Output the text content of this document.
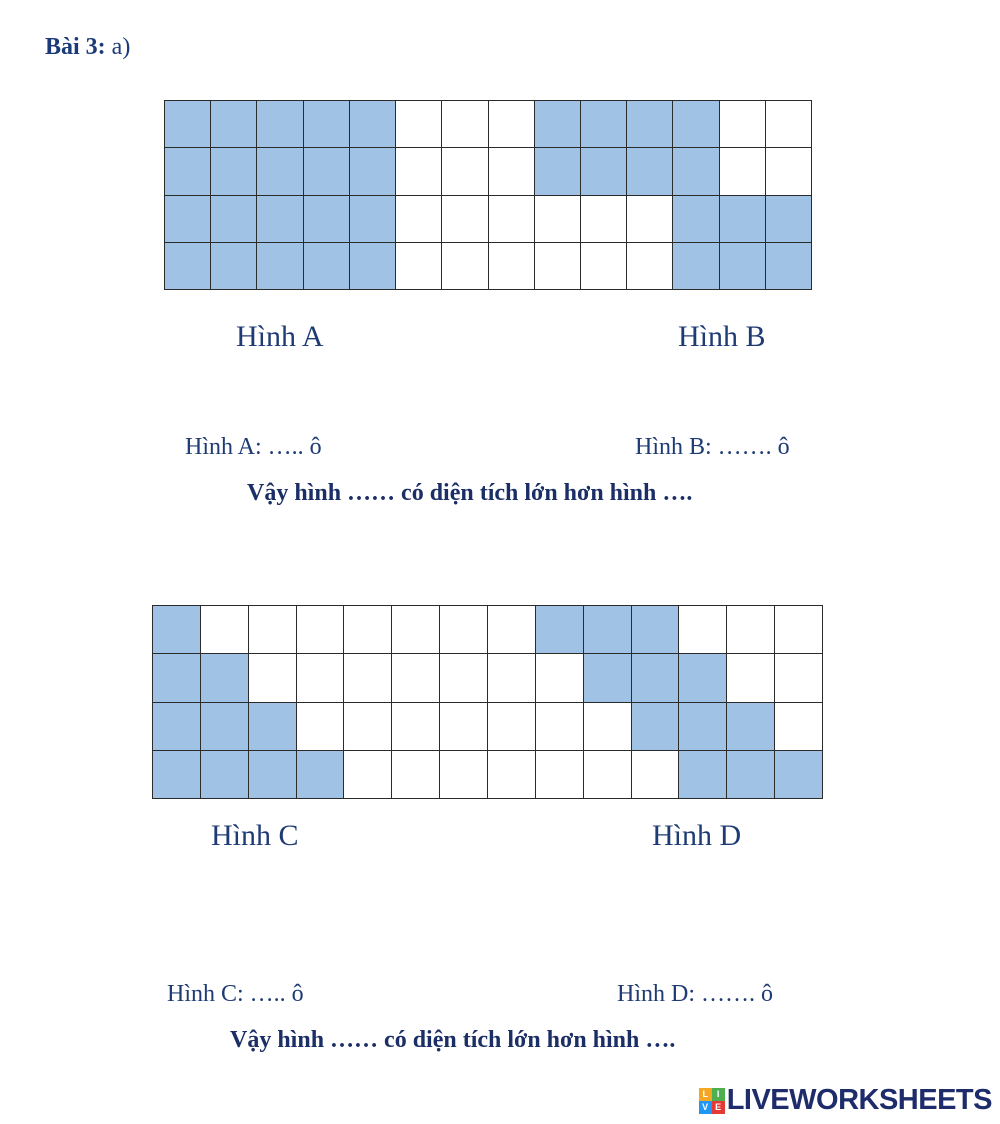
Bài 3: a)
Hình A	Hình B
Hình A: ….. ô	Hình B: ……. ô
Vậy hình …… có diện tích lớn hơn hình ….
Hình C	Hình D
Hình C: ….. ô	Hình D: ……. ô
Vậy hình …… có diện tích lớn hơn hình ….
L I
V E LIVEWORKSHEETS
